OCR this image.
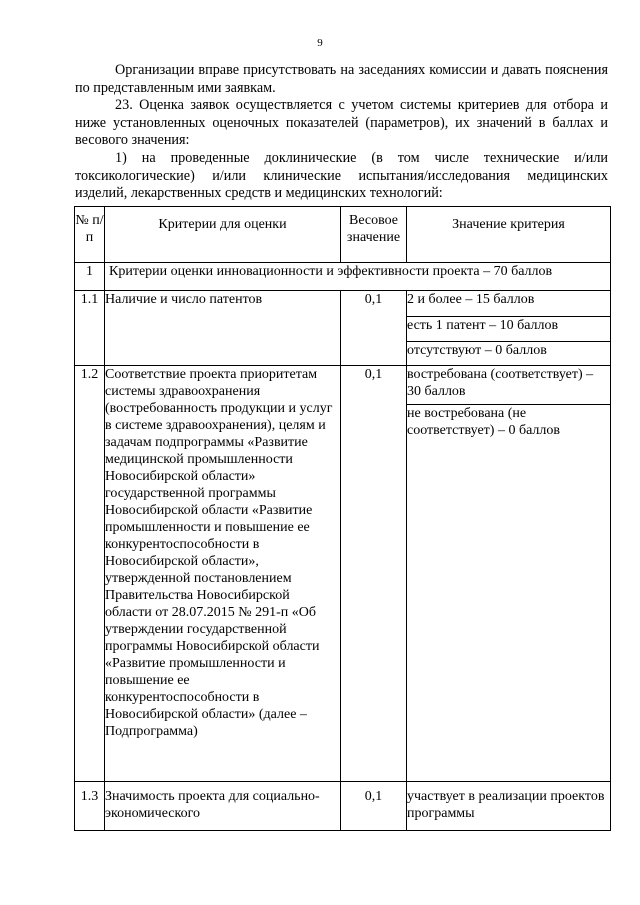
9
Организации вправе присутствовать на заседаниях комиссии и давать пояснения по представленным ими заявкам.
23. Оценка заявок осуществляется с учетом системы критериев для отбора и ниже установленных оценочных показателей (параметров), их значений в баллах и весового значения:
1) на проведенные доклинические (в том числе технические и/или токсикологические) и/или клинические испытания/исследования медицинских изделий, лекарственных средств и медицинских технологий:
№ п/п	Критерии для оценки	Весовое значение	Значение критерия
1	Критерии оценки инновационности и эффективности проекта – 70 баллов		
1.1	Наличие и число патентов	0,1	2 и более – 15 баллов
			есть 1 патент – 10 баллов
			отсутствуют – 0 баллов
1.2	Соответствие проекта приоритетам системы здравоохранения (востребованность продукции и услуг в системе здравоохранения), целям и задачам подпрограммы «Развитие медицинской промышленности Новосибирской области» государственной программы Новосибирской области «Развитие промышленности и повышение ее конкурентоспособности в Новосибирской области», утвержденной постановлением Правительства Новосибирской области от 28.07.2015 № 291-п «Об утверждении государственной программы Новосибирской области «Развитие промышленности и повышение ее конкурентоспособности в Новосибирской области» (далее – Подпрограмма)	0,1	востребована (соответствует) – 30 баллов
			не востребована (не соответствует) – 0 баллов
1.3	Значимость проекта для социально-экономического	0,1	участвует в реализации проектов программы
